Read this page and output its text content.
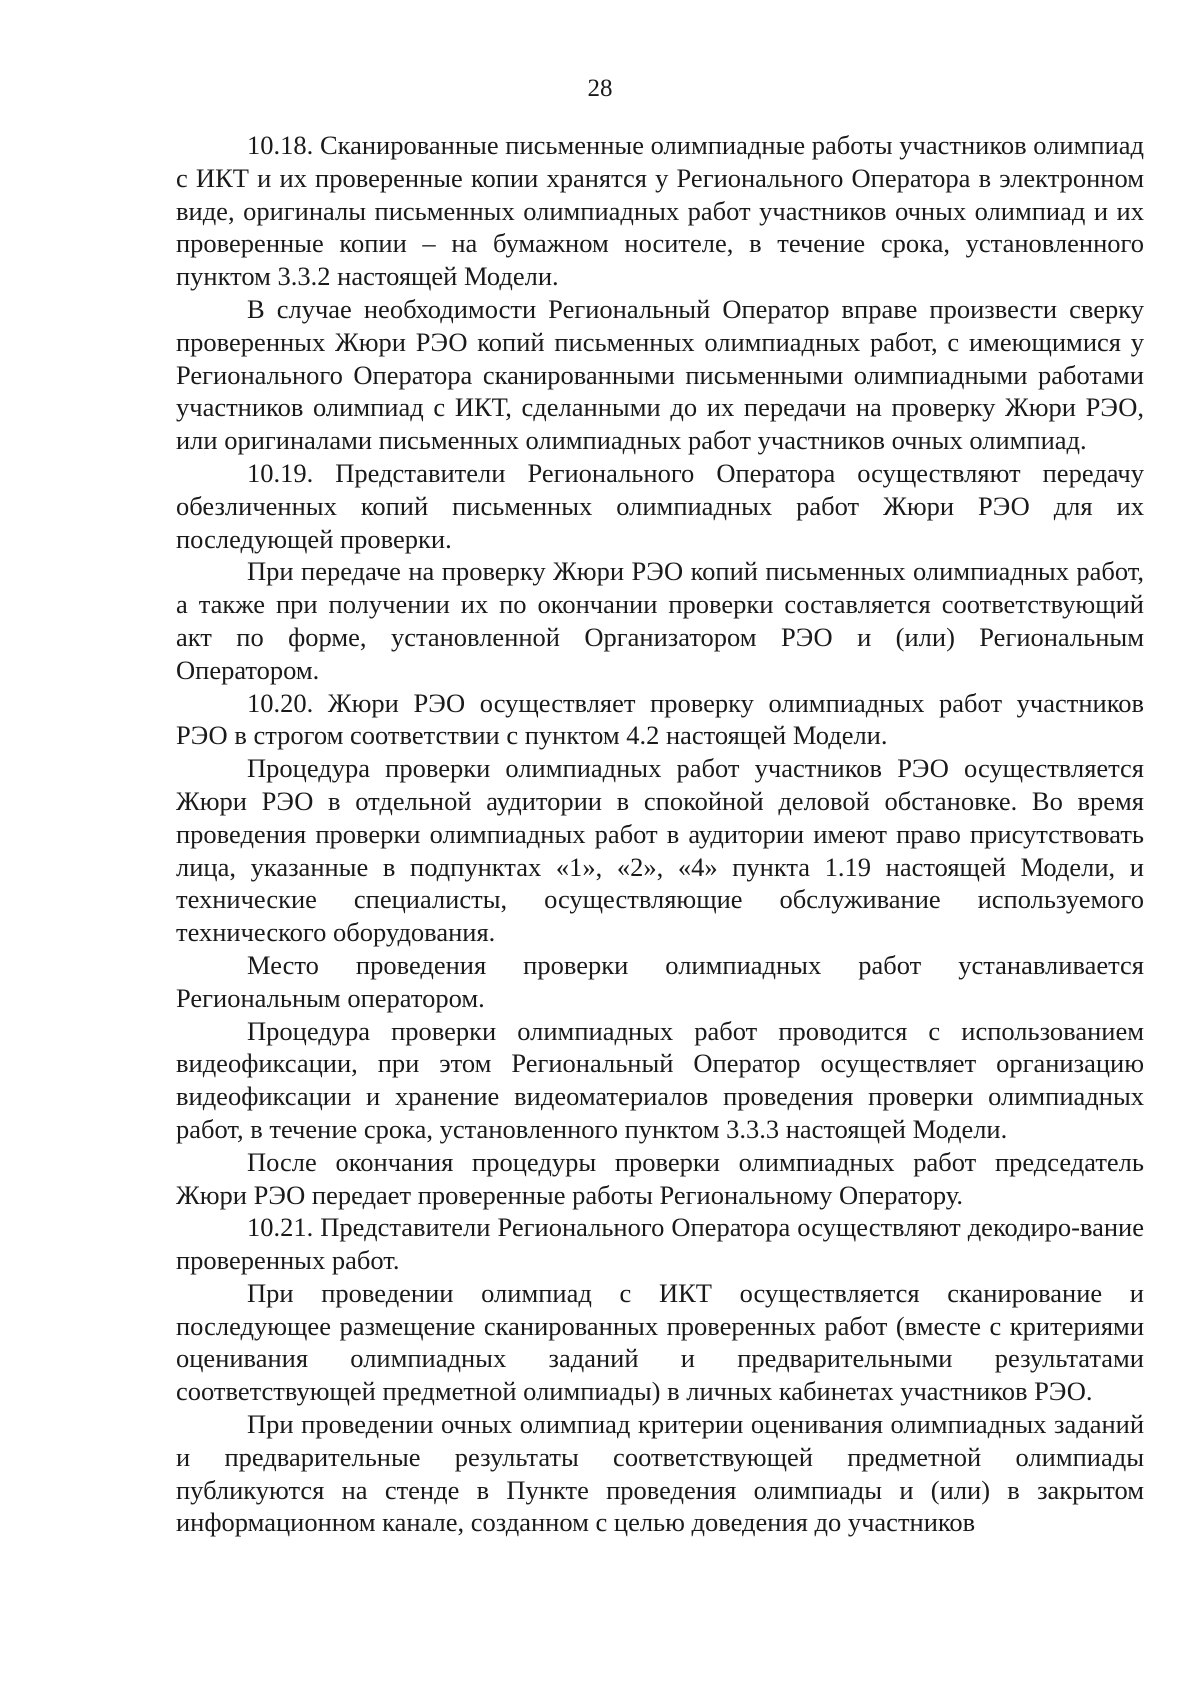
28

10.18. Сканированные письменные олимпиадные работы участников олимпиад с ИКТ и их проверенные копии хранятся у Регионального Оператора в электронном виде, оригиналы письменных олимпиадных работ участников очных олимпиад и их проверенные копии – на бумажном носителе, в течение срока, установленного пунктом 3.3.2 настоящей Модели.

В случае необходимости Региональный Оператор вправе произвести сверку проверенных Жюри РЭО копий письменных олимпиадных работ, с имеющимися у Регионального Оператора сканированными письменными олимпиадными работами участников олимпиад с ИКТ, сделанными до их передачи на проверку Жюри РЭО, или оригиналами письменных олимпиадных работ участников очных олимпиад.

10.19. Представители Регионального Оператора осуществляют передачу обезличенных копий письменных олимпиадных работ Жюри РЭО для их последующей проверки.

При передаче на проверку Жюри РЭО копий письменных олимпиадных работ, а также при получении их по окончании проверки составляется соответствующий акт по форме, установленной Организатором РЭО и (или) Региональным Оператором.

10.20. Жюри РЭО осуществляет проверку олимпиадных работ участников РЭО в строгом соответствии с пунктом 4.2 настоящей Модели.

Процедура проверки олимпиадных работ участников РЭО осуществляется Жюри РЭО в отдельной аудитории в спокойной деловой обстановке. Во время проведения проверки олимпиадных работ в аудитории имеют право присутствовать лица, указанные в подпунктах «1», «2», «4» пункта 1.19 настоящей Модели, и технические специалисты, осуществляющие обслуживание используемого технического оборудования.

Место проведения проверки олимпиадных работ устанавливается Региональным оператором.

Процедура проверки олимпиадных работ проводится с использованием видеофиксации, при этом Региональный Оператор осуществляет организацию видеофиксации и хранение видеоматериалов проведения проверки олимпиадных работ, в течение срока, установленного пунктом 3.3.3 настоящей Модели.

После окончания процедуры проверки олимпиадных работ председатель Жюри РЭО передает проверенные работы Региональному Оператору.

10.21. Представители Регионального Оператора осуществляют декодиро-вание проверенных работ.

При проведении олимпиад с ИКТ осуществляется сканирование и последующее размещение сканированных проверенных работ (вместе с критериями оценивания олимпиадных заданий и предварительными результатами соответствующей предметной олимпиады) в личных кабинетах участников РЭО.

При проведении очных олимпиад критерии оценивания олимпиадных заданий и предварительные результаты соответствующей предметной олимпиады публикуются на стенде в Пункте проведения олимпиады и (или) в закрытом информационном канале, созданном с целью доведения до участников
